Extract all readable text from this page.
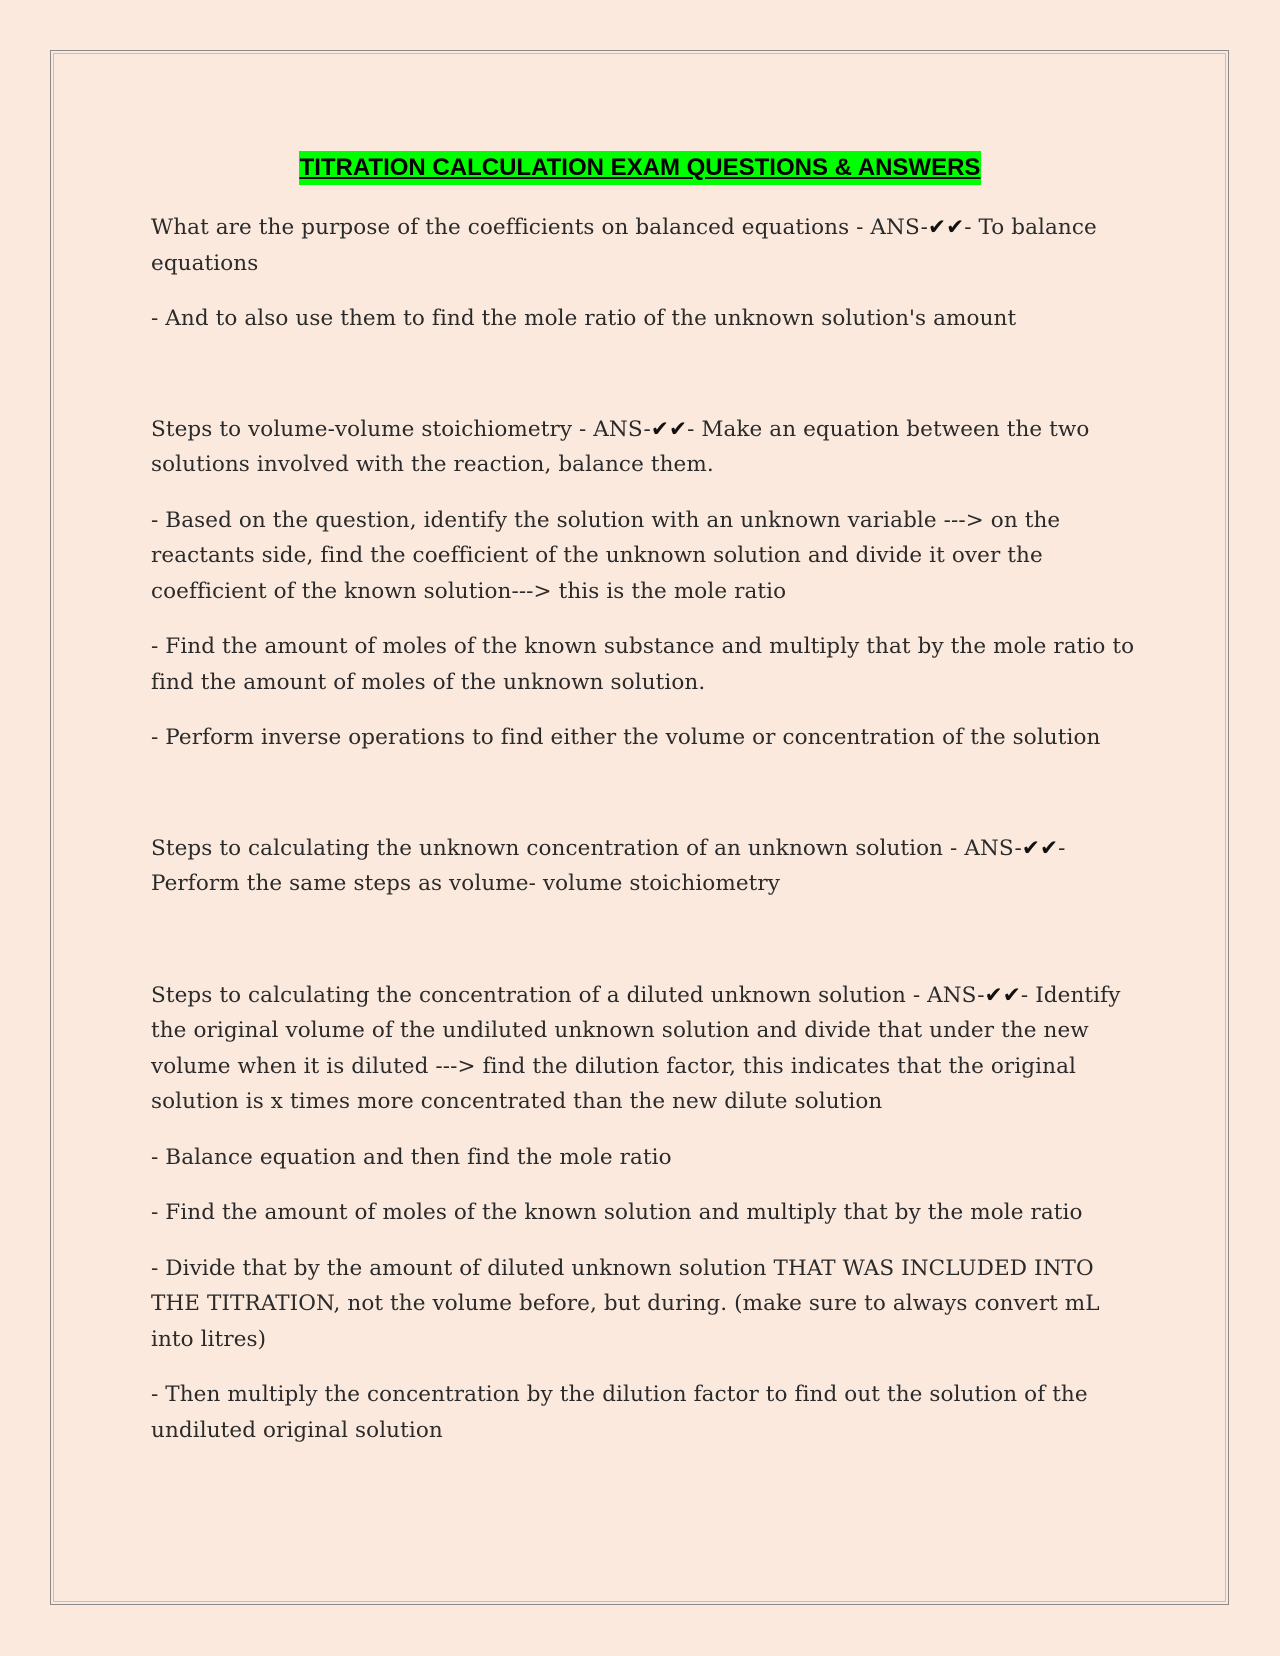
TITRATION CALCULATION EXAM QUESTIONS & ANSWERS

What are the purpose of the coefficients on balanced equations - ANS-✔✔- To balance equations

- And to also use them to find the mole ratio of the unknown solution's amount

Steps to volume-volume stoichiometry - ANS-✔✔- Make an equation between the two solutions involved with the reaction, balance them.

- Based on the question, identify the solution with an unknown variable ---> on the reactants side, find the coefficient of the unknown solution and divide it over the coefficient of the known solution---> this is the mole ratio

- Find the amount of moles of the known substance and multiply that by the mole ratio to find the amount of moles of the unknown solution.

- Perform inverse operations to find either the volume or concentration of the solution

Steps to calculating the unknown concentration of an unknown solution - ANS-✔✔- Perform the same steps as volume- volume stoichiometry

Steps to calculating the concentration of a diluted unknown solution - ANS-✔✔- Identify the original volume of the undiluted unknown solution and divide that under the new volume when it is diluted ---> find the dilution factor, this indicates that the original solution is x times more concentrated than the new dilute solution

- Balance equation and then find the mole ratio

- Find the amount of moles of the known solution and multiply that by the mole ratio

- Divide that by the amount of diluted unknown solution THAT WAS INCLUDED INTO THE TITRATION, not the volume before, but during. (make sure to always convert mL into litres)

- Then multiply the concentration by the dilution factor to find out the solution of the undiluted original solution
